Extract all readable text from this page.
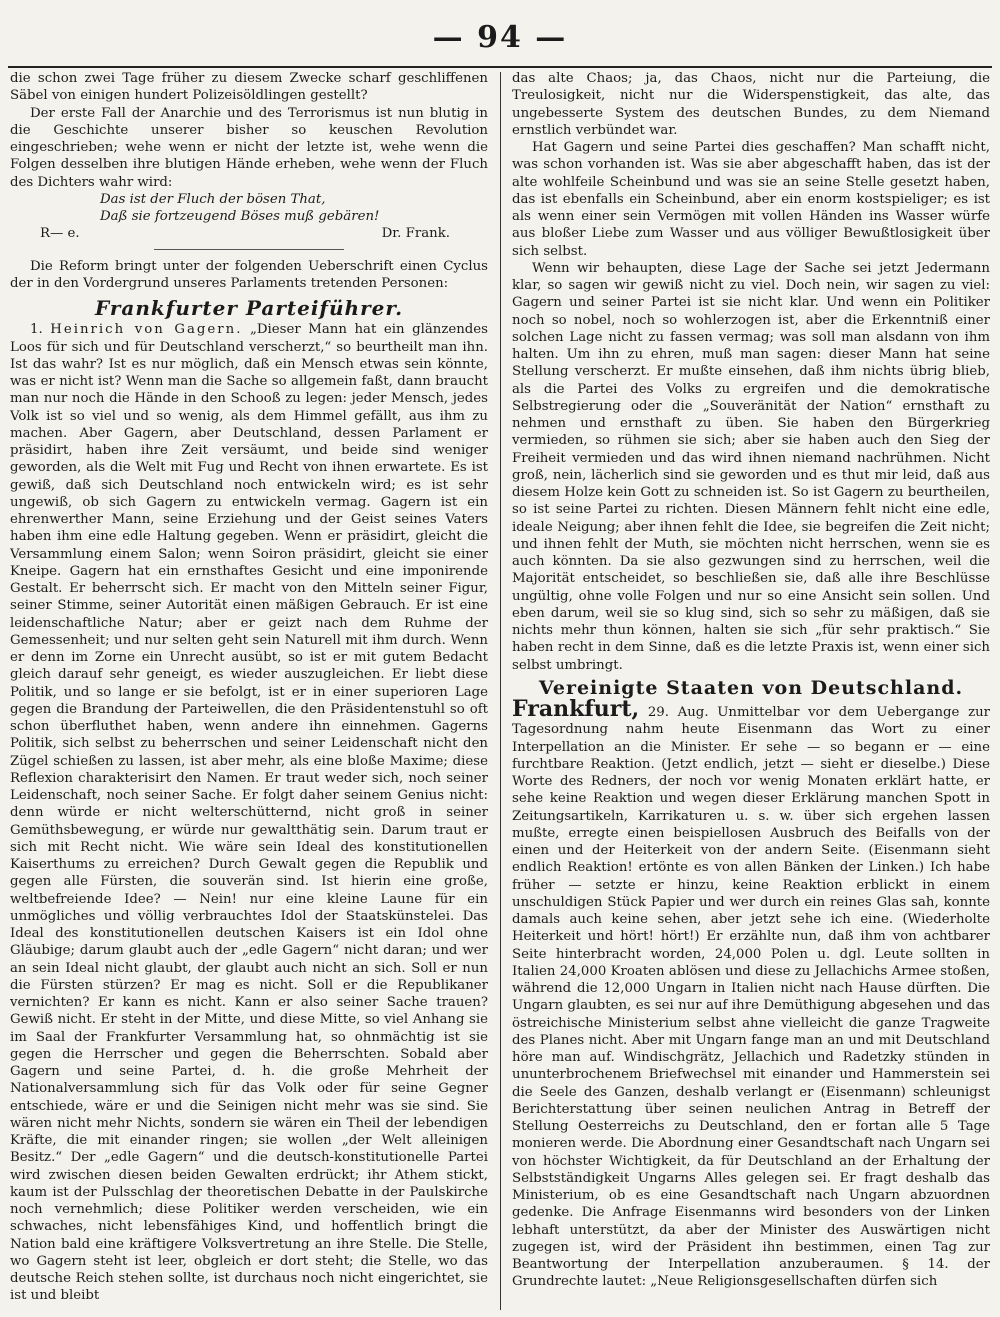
— 94 —

die schon zwei Tage früher zu diesem Zwecke scharf geschliffenen Säbel von einigen hundert Polizeisöldlingen gestellt?

Der erste Fall der Anarchie und des Terrorismus ist nun blutig in die Geschichte unserer bisher so keuschen Revolution eingeschrieben; wehe wenn er nicht der letzte ist, wehe wenn die Folgen desselben ihre blutigen Hände erheben, wehe wenn der Fluch des Dichters wahr wird:

Das ist der Fluch der bösen That,
Daß sie fortzeugend Böses muß gebären!
R— e.	Dr. Frank.

Die Reform bringt unter der folgenden Ueberschrift einen Cyclus der in den Vordergrund unseres Parlaments tretenden Personen:

Frankfurter Parteiführer.

1. Heinrich von Gagern. „Dieser Mann hat ein glänzendes Loos für sich und für Deutschland verscherzt,“ so beurtheilt man ihn. Ist das wahr? Ist es nur möglich, daß ein Mensch etwas sein könnte, was er nicht ist? Wenn man die Sache so allgemein faßt, dann braucht man nur noch die Hände in den Schooß zu legen: jeder Mensch, jedes Volk ist so viel und so wenig, als dem Himmel gefällt, aus ihm zu machen. Aber Gagern, aber Deutschland, dessen Parlament er präsidirt, haben ihre Zeit versäumt, und beide sind weniger geworden, als die Welt mit Fug und Recht von ihnen erwartete. Es ist gewiß, daß sich Deutschland noch entwickeln wird; es ist sehr ungewiß, ob sich Gagern zu entwickeln vermag. Gagern ist ein ehrenwerther Mann, seine Erziehung und der Geist seines Vaters haben ihm eine edle Haltung gegeben. Wenn er präsidirt, gleicht die Versammlung einem Salon; wenn Soiron präsidirt, gleicht sie einer Kneipe. Gagern hat ein ernsthaftes Gesicht und eine imponirende Gestalt. Er beherrscht sich. Er macht von den Mitteln seiner Figur, seiner Stimme, seiner Autorität einen mäßigen Gebrauch. Er ist eine leidenschaftliche Natur; aber er geizt nach dem Ruhme der Gemessenheit; und nur selten geht sein Naturell mit ihm durch. Wenn er denn im Zorne ein Unrecht ausübt, so ist er mit gutem Bedacht gleich darauf sehr geneigt, es wieder auszugleichen. Er liebt diese Politik, und so lange er sie befolgt, ist er in einer superioren Lage gegen die Brandung der Parteiwellen, die den Präsidentenstuhl so oft schon überfluthet haben, wenn andere ihn einnehmen. Gagerns Politik, sich selbst zu beherrschen und seiner Leidenschaft nicht den Zügel schießen zu lassen, ist aber mehr, als eine bloße Maxime; diese Reflexion charakterisirt den Namen. Er traut weder sich, noch seiner Leidenschaft, noch seiner Sache. Er folgt daher seinem Genius nicht: denn würde er nicht welterschütternd, nicht groß in seiner Gemüthsbewegung, er würde nur gewaltthätig sein. Darum traut er sich mit Recht nicht. Wie wäre sein Ideal des konstitutionellen Kaiserthums zu erreichen? Durch Gewalt gegen die Republik und gegen alle Fürsten, die souverän sind. Ist hierin eine große, weltbefreiende Idee? — Nein! nur eine kleine Laune für ein unmögliches und völlig verbrauchtes Idol der Staatskünstelei. Das Ideal des konstitutionellen deutschen Kaisers ist ein Idol ohne Gläubige; darum glaubt auch der „edle Gagern“ nicht daran; und wer an sein Ideal nicht glaubt, der glaubt auch nicht an sich. Soll er nun die Fürsten stürzen? Er mag es nicht. Soll er die Republikaner vernichten? Er kann es nicht. Kann er also seiner Sache trauen? Gewiß nicht. Er steht in der Mitte, und diese Mitte, so viel Anhang sie im Saal der Frankfurter Versammlung hat, so ohnmächtig ist sie gegen die Herrscher und gegen die Beherrschten. Sobald aber Gagern und seine Partei, d. h. die große Mehrheit der Nationalversammlung sich für das Volk oder für seine Gegner entschiede, wäre er und die Seinigen nicht mehr was sie sind. Sie wären nicht mehr Nichts, sondern sie wären ein Theil der lebendigen Kräfte, die mit einander ringen; sie wollen „der Welt alleinigen Besitz.“ Der „edle Gagern“ und die deutsch-konstitutionelle Partei wird zwischen diesen beiden Gewalten erdrückt; ihr Athem stickt, kaum ist der Pulsschlag der theoretischen Debatte in der Paulskirche noch vernehmlich; diese Politiker werden verscheiden, wie ein schwaches, nicht lebensfähiges Kind, und hoffentlich bringt die Nation bald eine kräftigere Volksvertretung an ihre Stelle. Die Stelle, wo Gagern steht ist leer, obgleich er dort steht; die Stelle, wo das deutsche Reich stehen sollte, ist durchaus noch nicht eingerichtet, sie ist und bleibt

das alte Chaos; ja, das Chaos, nicht nur die Parteiung, die Treulosigkeit, nicht nur die Widerspenstigkeit, das alte, das ungebesserte System des deutschen Bundes, zu dem Niemand ernstlich verbündet war.

Hat Gagern und seine Partei dies geschaffen? Man schafft nicht, was schon vorhanden ist. Was sie aber abgeschafft haben, das ist der alte wohlfeile Scheinbund und was sie an seine Stelle gesetzt haben, das ist ebenfalls ein Scheinbund, aber ein enorm kostspieliger; es ist als wenn einer sein Vermögen mit vollen Händen ins Wasser würfe aus bloßer Liebe zum Wasser und aus völliger Bewußtlosigkeit über sich selbst.

Wenn wir behaupten, diese Lage der Sache sei jetzt Jedermann klar, so sagen wir gewiß nicht zu viel. Doch nein, wir sagen zu viel: Gagern und seiner Partei ist sie nicht klar. Und wenn ein Politiker noch so nobel, noch so wohlerzogen ist, aber die Erkenntniß einer solchen Lage nicht zu fassen vermag; was soll man alsdann von ihm halten. Um ihn zu ehren, muß man sagen: dieser Mann hat seine Stellung verscherzt. Er mußte einsehen, daß ihm nichts übrig blieb, als die Partei des Volks zu ergreifen und die demokratische Selbstregierung oder die „Souveränität der Nation“ ernsthaft zu nehmen und ernsthaft zu üben. Sie haben den Bürgerkrieg vermieden, so rühmen sie sich; aber sie haben auch den Sieg der Freiheit vermieden und das wird ihnen niemand nachrühmen. Nicht groß, nein, lächerlich sind sie geworden und es thut mir leid, daß aus diesem Holze kein Gott zu schneiden ist. So ist Gagern zu beurtheilen, so ist seine Partei zu richten. Diesen Männern fehlt nicht eine edle, ideale Neigung; aber ihnen fehlt die Idee, sie begreifen die Zeit nicht; und ihnen fehlt der Muth, sie möchten nicht herrschen, wenn sie es auch könnten. Da sie also gezwungen sind zu herrschen, weil die Majorität entscheidet, so beschließen sie, daß alle ihre Beschlüsse ungültig, ohne volle Folgen und nur so eine Ansicht sein sollen. Und eben darum, weil sie so klug sind, sich so sehr zu mäßigen, daß sie nichts mehr thun können, halten sie sich „für sehr praktisch.“ Sie haben recht in dem Sinne, daß es die letzte Praxis ist, wenn einer sich selbst umbringt.

Vereinigte Staaten von Deutschland.

Frankfurt, 29. Aug. Unmittelbar vor dem Uebergange zur Tagesordnung nahm heute Eisenmann das Wort zu einer Interpellation an die Minister. Er sehe — so begann er — eine furchtbare Reaktion. (Jetzt endlich, jetzt — sieht er dieselbe.) Diese Worte des Redners, der noch vor wenig Monaten erklärt hatte, er sehe keine Reaktion und wegen dieser Erklärung manchen Spott in Zeitungsartikeln, Karrikaturen u. s. w. über sich ergehen lassen mußte, erregte einen beispiellosen Ausbruch des Beifalls von der einen und der Heiterkeit von der andern Seite. (Eisenmann sieht endlich Reaktion! ertönte es von allen Bänken der Linken.) Ich habe früher — setzte er hinzu, keine Reaktion erblickt in einem unschuldigen Stück Papier und wer durch ein reines Glas sah, konnte damals auch keine sehen, aber jetzt sehe ich eine. (Wiederholte Heiterkeit und hört! hört!) Er erzählte nun, daß ihm von achtbarer Seite hinterbracht worden, 24,000 Polen u. dgl. Leute sollten in Italien 24,000 Kroaten ablösen und diese zu Jellachichs Armee stoßen, während die 12,000 Ungarn in Italien nicht nach Hause dürften. Die Ungarn glaubten, es sei nur auf ihre Demüthigung abgesehen und das östreichische Ministerium selbst ahne vielleicht die ganze Tragweite des Planes nicht. Aber mit Ungarn fange man an und mit Deutschland höre man auf. Windischgrätz, Jellachich und Radetzky stünden in ununterbrochenem Briefwechsel mit einander und Hammerstein sei die Seele des Ganzen, deshalb verlangt er (Eisenmann) schleunigst Berichterstattung über seinen neulichen Antrag in Betreff der Stellung Oesterreichs zu Deutschland, den er fortan alle 5 Tage monieren werde. Die Abordnung einer Gesandtschaft nach Ungarn sei von höchster Wichtigkeit, da für Deutschland an der Erhaltung der Selbstständigkeit Ungarns Alles gelegen sei. Er fragt deshalb das Ministerium, ob es eine Gesandtschaft nach Ungarn abzuordnen gedenke. Die Anfrage Eisenmanns wird besonders von der Linken lebhaft unterstützt, da aber der Minister des Auswärtigen nicht zugegen ist, wird der Präsident ihn bestimmen, einen Tag zur Beantwortung der Interpellation anzuberaumen. § 14. der Grundrechte lautet: „Neue Religionsgesellschaften dürfen sich
